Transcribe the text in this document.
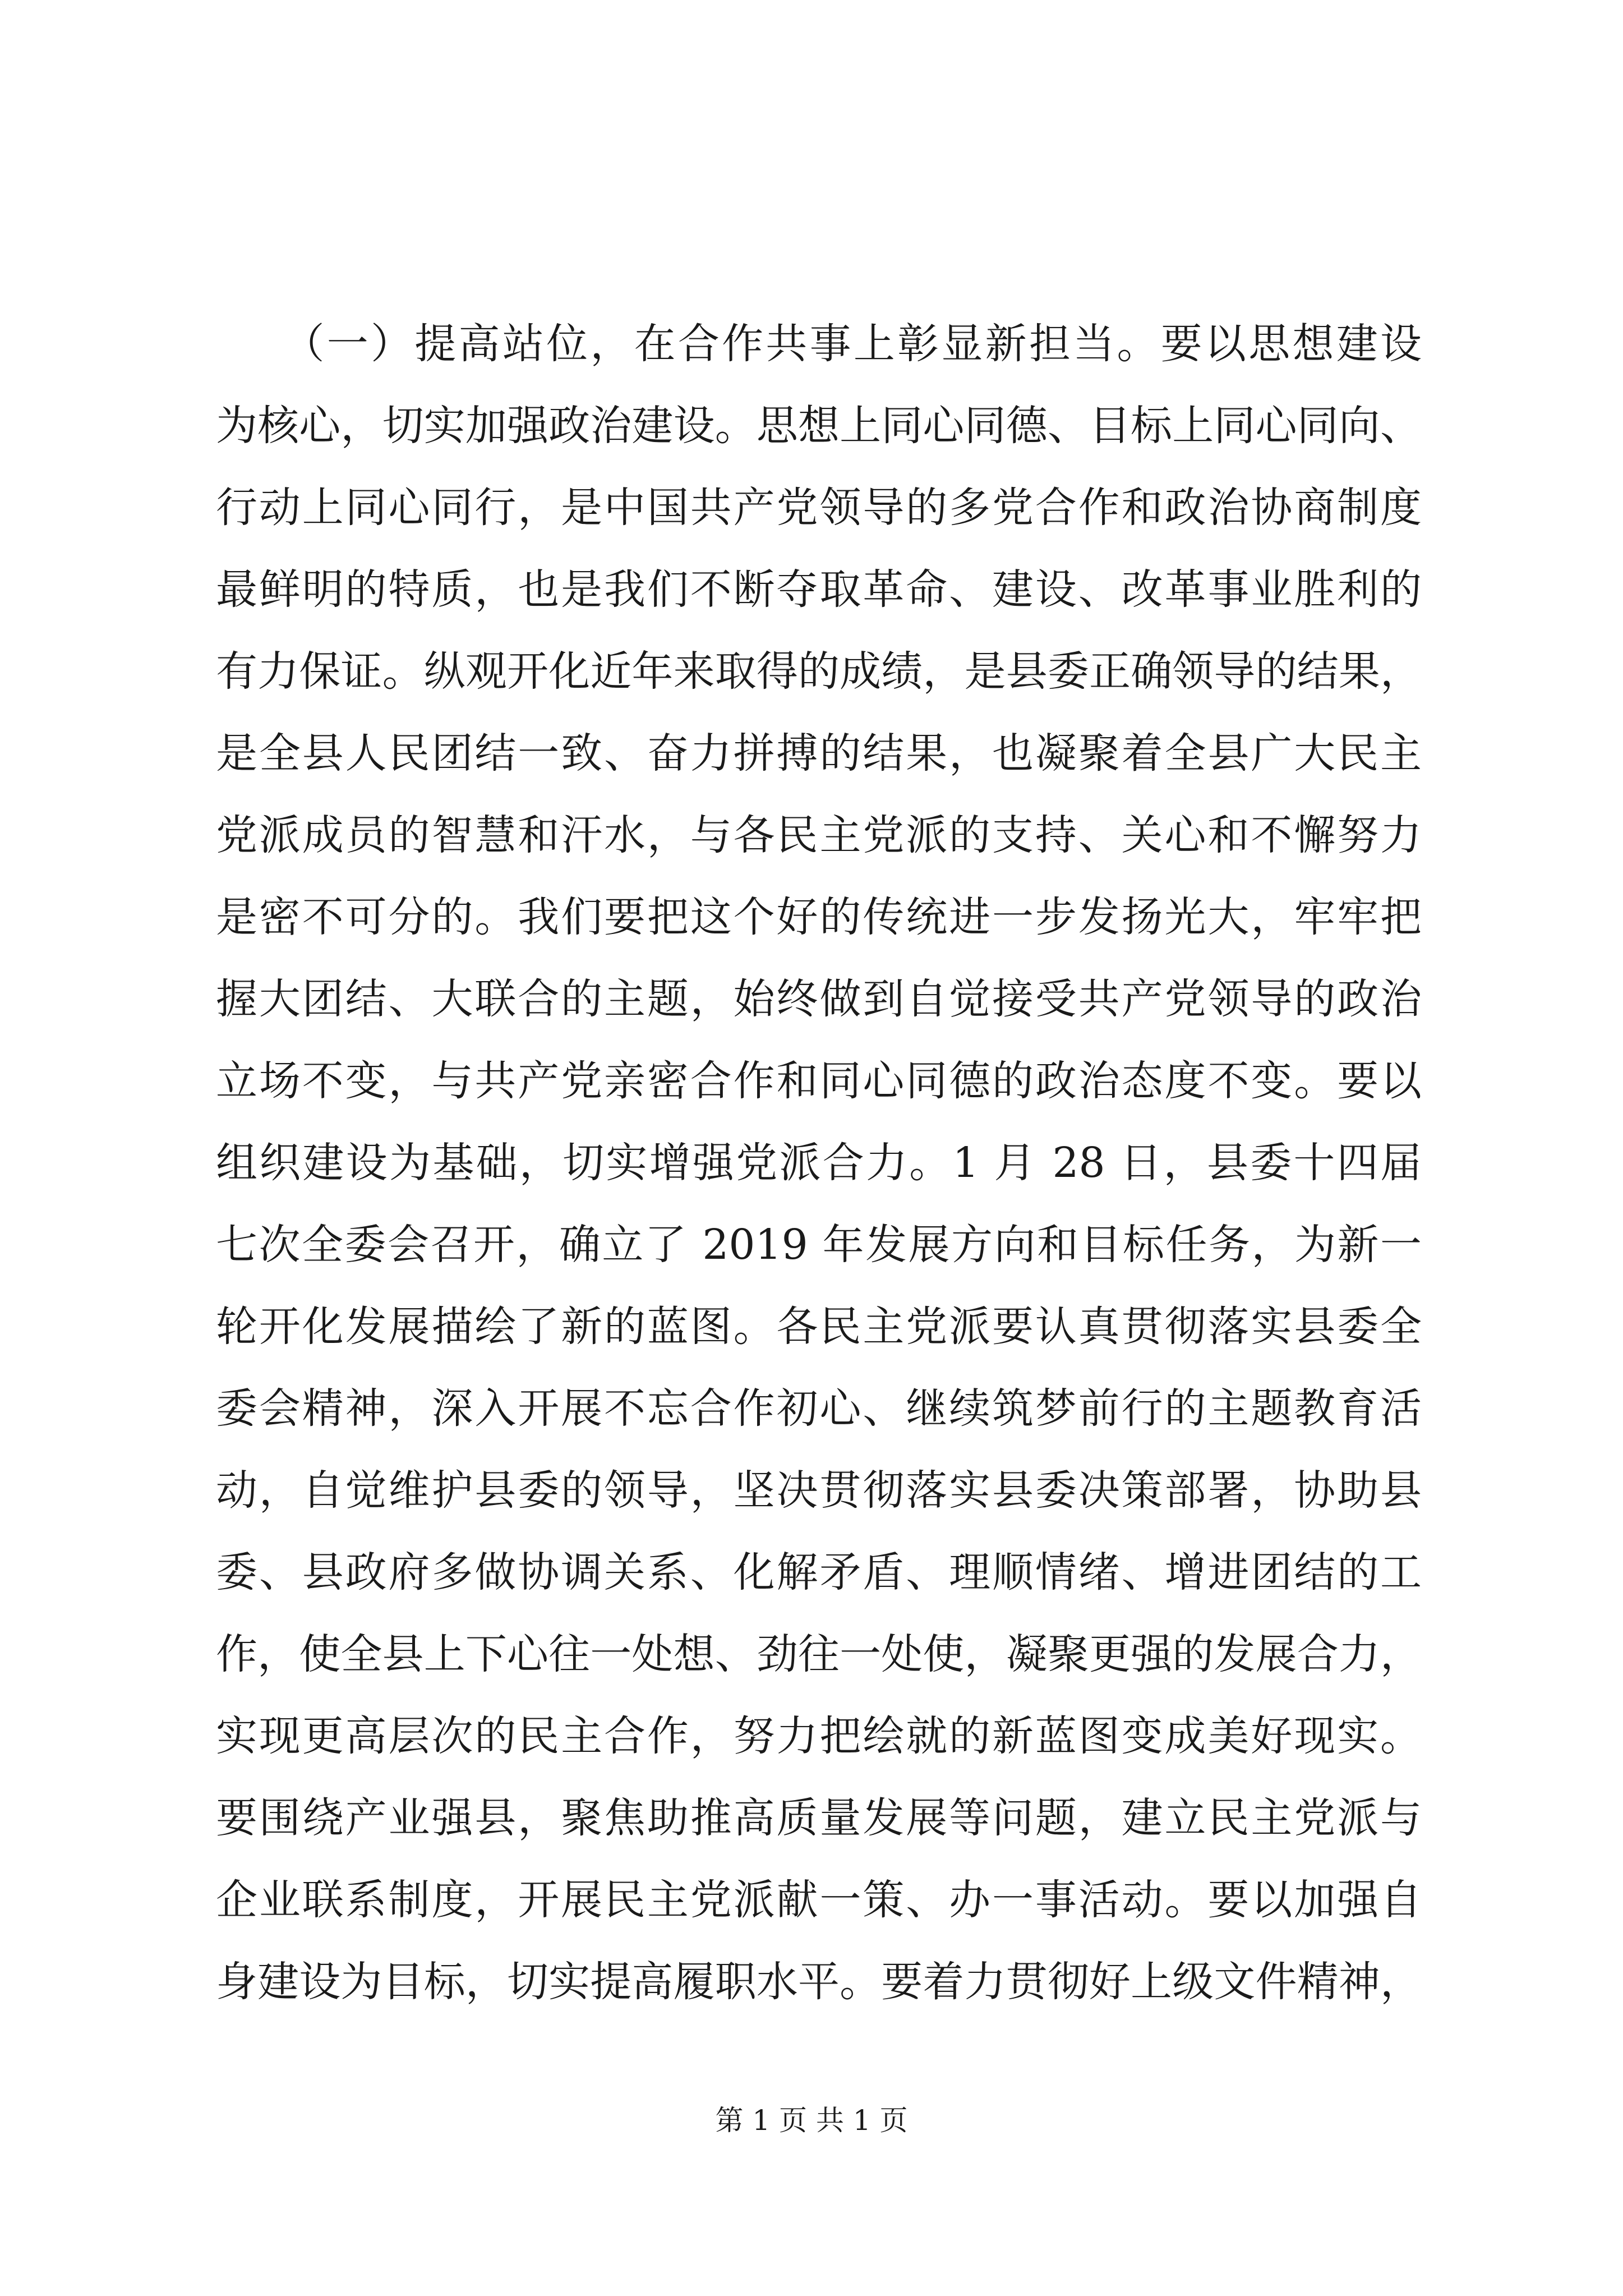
　　（一）提高站位，在合作共事上彰显新担当。要以思想建设
为核心，切实加强政治建设。思想上同心同德、目标上同心同向、
行动上同心同行，是中国共产党领导的多党合作和政治协商制度
最鲜明的特质，也是我们不断夺取革命、建设、改革事业胜利的
有力保证。纵观开化近年来取得的成绩，是县委正确领导的结果，
是全县人民团结一致、奋力拼搏的结果，也凝聚着全县广大民主
党派成员的智慧和汗水，与各民主党派的支持、关心和不懈努力
是密不可分的。我们要把这个好的传统进一步发扬光大，牢牢把
握大团结、大联合的主题，始终做到自觉接受共产党领导的政治
立场不变，与共产党亲密合作和同心同德的政治态度不变。要以
组织建设为基础，切实增强党派合力。1 月 28 日，县委十四届
七次全委会召开，确立了 2019 年发展方向和目标任务，为新一
轮开化发展描绘了新的蓝图。各民主党派要认真贯彻落实县委全
委会精神，深入开展不忘合作初心、继续筑梦前行的主题教育活
动，自觉维护县委的领导，坚决贯彻落实县委决策部署，协助县
委、县政府多做协调关系、化解矛盾、理顺情绪、增进团结的工
作，使全县上下心往一处想、劲往一处使，凝聚更强的发展合力，
实现更高层次的民主合作，努力把绘就的新蓝图变成美好现实。
要围绕产业强县，聚焦助推高质量发展等问题，建立民主党派与
企业联系制度，开展民主党派献一策、办一事活动。要以加强自
身建设为目标，切实提高履职水平。要着力贯彻好上级文件精神，
第 1 页 共 1 页
